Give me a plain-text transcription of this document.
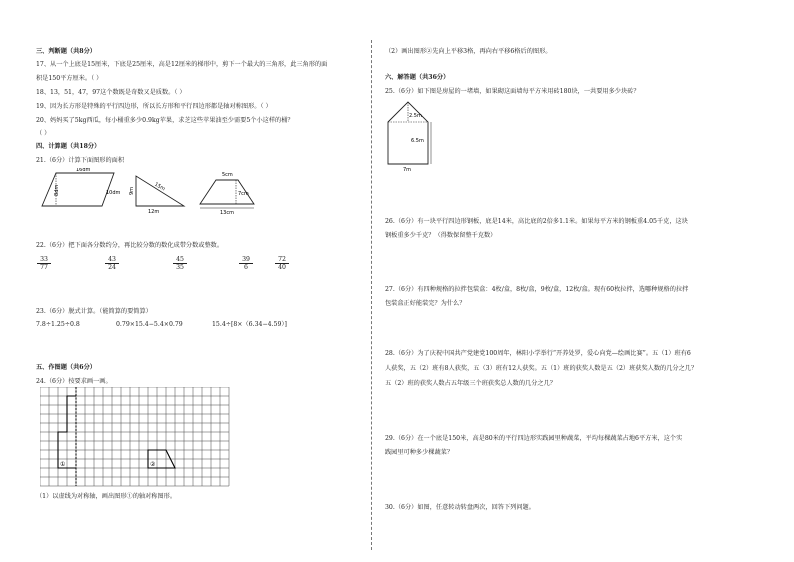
三、判断题（共8分）
17、从一个上底是15厘米，下底是25厘米，高是12厘米的梯形中，剪下一个最大的三角形，此三角形的面
积是150平方厘米。（ ）
18、13，51，47，97这个数既是奇数又是质数。（ ）
19、因为长方形是特殊的平行四边形，所以长方形和平行四边形都是轴对称图形。（ ）
20、妈妈买了5kg西瓜，每小桶重多少0.9kg苹果，求芝这些苹果油至少需要5个小这样的桶？
（ ）
四、计算题（共18分）
21.（6分）计算下面图形的面积
16dm
8dm	10dm 9m	15m
12m
5cm
7cm
13cm
22.（6分）把下面各分数约分，再比较分数的数化成带分数或整数。
33
77
43
24
45
35
39
6
72
40
23.（6分）脱式计算。（能简算的要简算）
7.8÷1.25÷0.8	0.79×15.4−5.4×0.79	15.4÷[8×（6.34−4.59）]
五、作图题（共6分）
24.（6分）按要求画一画。
①	②
（1）以虚线为对称轴，画出图形①的轴对称图形。
（2）画出图形②先向上平移3格，再向右平移6格后的图形。
六、解答题（共36分）
25.（6分）如下图是房屋的一堵墙，如果砌这面墙每平方米用砖180块，一共要用多少块砖？
2.5m
6.5m
7m
26.（6分）有一块平行四边形钢板，底是14米，高比底的2倍多1.1米。如果每平方米的钢板重4.05千克，这块
钢板重多少千克？（得数保留整千克数）
27.（6分）有四种规格的拉拌包装盒：4枚/盒，8枚/盒，9枚/盒，12枚/盒。现有60枚拉拌，选哪种规格的拉拌
包装盒正好能装完？为什么？
28.（6分）为了庆祝中国共产党建党100周年，林阳小学举行“开养处罗，爱心向党—绘画比赛”。五（1）班有6
人获奖，五（2）班有8人获奖，五（3）班有12人获奖。五（1）班的获奖人数是五（2）班获奖人数的几分之几？
五（2）班的获奖人数占五年级三个班获奖总人数的几分之几？
29.（6分）在一个底是150米，高是80米的平行四边形实践园里种蔬菜，平均每棵蔬菜占地6平方米，这个实
践园里可种多少棵蔬菜？
30.（6分）如图，任意转动转盘两次，回答下列问题。
